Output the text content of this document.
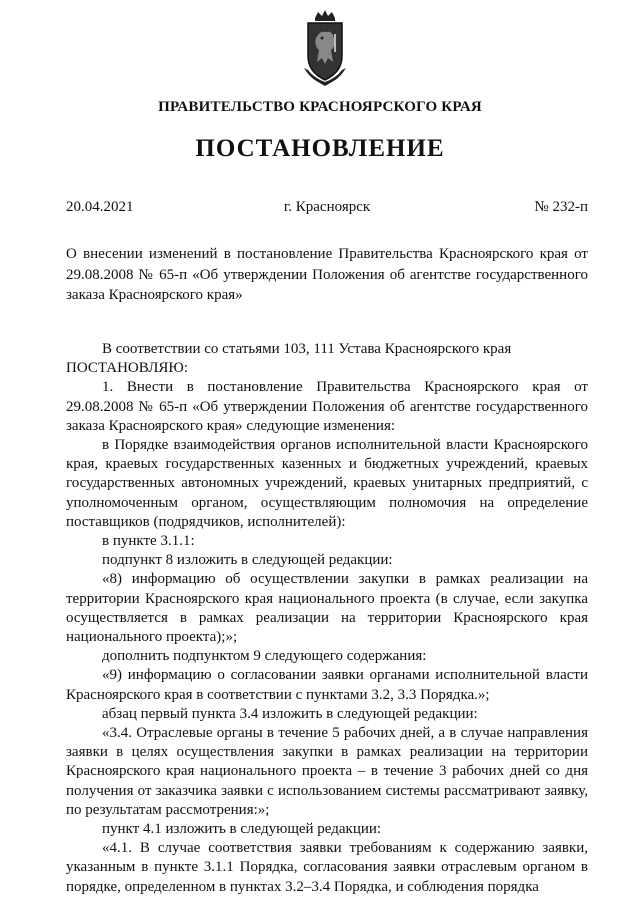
ПРАВИТЕЛЬСТВО КРАСНОЯРСКОГО КРАЯ
ПОСТАНОВЛЕНИЕ
20.04.2021	г. Красноярск	№ 232-п
О внесении изменений в постановление Правительства Красноярского края от 29.08.2008 № 65-п «Об утверждении Положения об агентстве государственного заказа Красноярского края»

В соответствии со статьями 103, 111 Устава Красноярского края

ПОСТАНОВЛЯЮ:

1. Внести в постановление Правительства Красноярского края от 29.08.2008 № 65-п «Об утверждении Положения об агентстве государственного заказа Красноярского края» следующие изменения:

в Порядке взаимодействия органов исполнительной власти Красноярского края, краевых государственных казенных и бюджетных учреждений, краевых государственных автономных учреждений, краевых унитарных предприятий, с уполномоченным органом, осуществляющим полномочия на определение поставщиков (подрядчиков, исполнителей):

в пункте 3.1.1:

подпункт 8 изложить в следующей редакции:

«8) информацию об осуществлении закупки в рамках реализации на территории Красноярского края национального проекта (в случае, если закупка осуществляется в рамках реализации на территории Красноярского края национального проекта);»;

дополнить подпунктом 9 следующего содержания:

«9) информацию о согласовании заявки органами исполнительной власти Красноярского края в соответствии с пунктами 3.2, 3.3 Порядка.»;

абзац первый пункта 3.4 изложить в следующей редакции:

«3.4. Отраслевые органы в течение 5 рабочих дней, а в случае направления заявки в целях осуществления закупки в рамках реализации на территории Красноярского края национального проекта – в течение 3 рабочих дней со дня получения от заказчика заявки с использованием системы рассматривают заявку, по результатам рассмотрения:»;

пункт 4.1 изложить в следующей редакции:

«4.1. В случае соответствия заявки требованиям к содержанию заявки, указанным в пункте 3.1.1 Порядка, согласования заявки отраслевым органом в порядке, определенном в пунктах 3.2–3.4 Порядка, и соблюдения порядка
